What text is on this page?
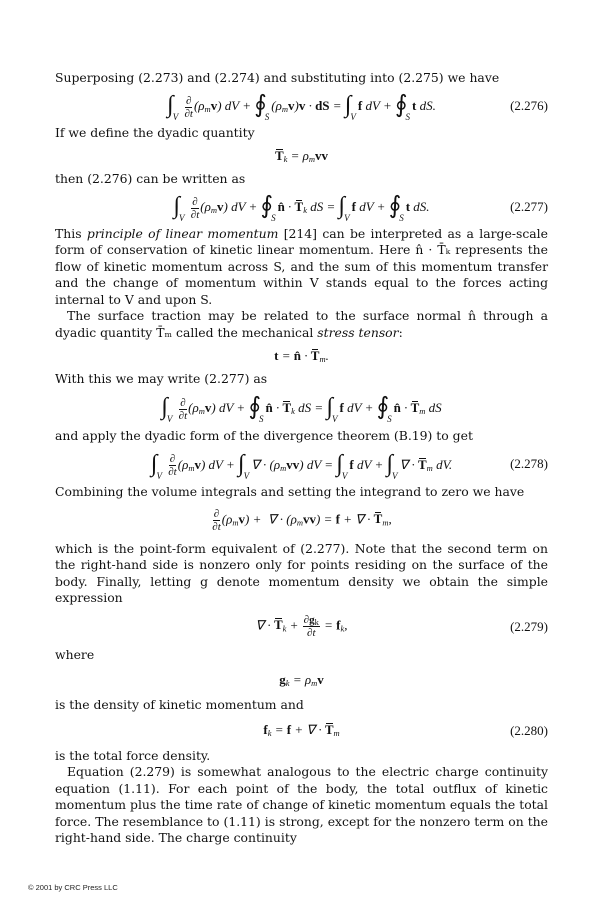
Superposing (2.273) and (2.274) and substituting into (2.275) we have

$\int_V \frac{\partial}{\partial t} (\rho_mv)$ dV + $∮_S(\rho_mv)v$ · dS = $\int_Vf$ dV + $∮_St$ dS.	(2.276)

If we define the dyadic quantity

$T_k = \rho_mvv$

then (2.276) can be written as

$\int_V \frac{\partial}{\partial t} (\rho_mv)$ dV + $∮_Sn̂ \cdot T_k$ dS = $\int_Vf$ dV + $∮_St$ dS.	(2.277)

This principle of linear momentum [214] can be interpreted as a large-scale form of conservation of kinetic linear momentum. Here n̂ · T̄ₖ represents the flow of kinetic momentum across S, and the sum of this momentum transfer and the change of momentum within V stands equal to the forces acting internal to V and upon S.

The surface traction may be related to the surface normal n̂ through a dyadic quantity T̄ₘ called the mechanical stress tensor:

t = n̂ · $T_m$.

With this we may write (2.277) as

$\int_V \frac{\partial}{\partial t} (\rho_mv)$ dV + $∮_Sn̂ \cdot T_k$ dS = $\int_Vf$ dV + $∮_Sn̂ \cdot T_m$ dS

and apply the dyadic form of the divergence theorem (B.19) to get

$\int_V \frac{\partial}{\partial t} (\rho_mv)$ dV + $\int_V\nabla \cdot (\rho_mvv)$ dV = $\int_Vf$ dV + $\int_V\nabla \cdot T_m$ dV.	(2.278)

Combining the volume integrals and setting the integrand to zero we have

$\frac{\partial}{\partial t} (\rho_mv)$ +  ∇ · $(\rho_mvv) = f$ + ∇ · $T_m$,

which is the point-form equivalent of (2.277). Note that the second term on the right-hand side is nonzero only for points residing on the surface of the body. Finally, letting g denote momentum density we obtain the simple expression

∇ · $T_k + \frac{\partial g_k}{\partial t} = f_k$,	(2.279)

where

$g_k = \rho_mv$

is the density of kinetic momentum and

$f_k = f$ + ∇ · $T_m$	(2.280)

is the total force density.

Equation (2.279) is somewhat analogous to the electric charge continuity equation (1.11). For each point of the body, the total outflux of kinetic momentum plus the time rate of change of kinetic momentum equals the total force. The resemblance to (1.11) is strong, except for the nonzero term on the right-hand side. The charge continuity

© 2001 by CRC Press LLC
